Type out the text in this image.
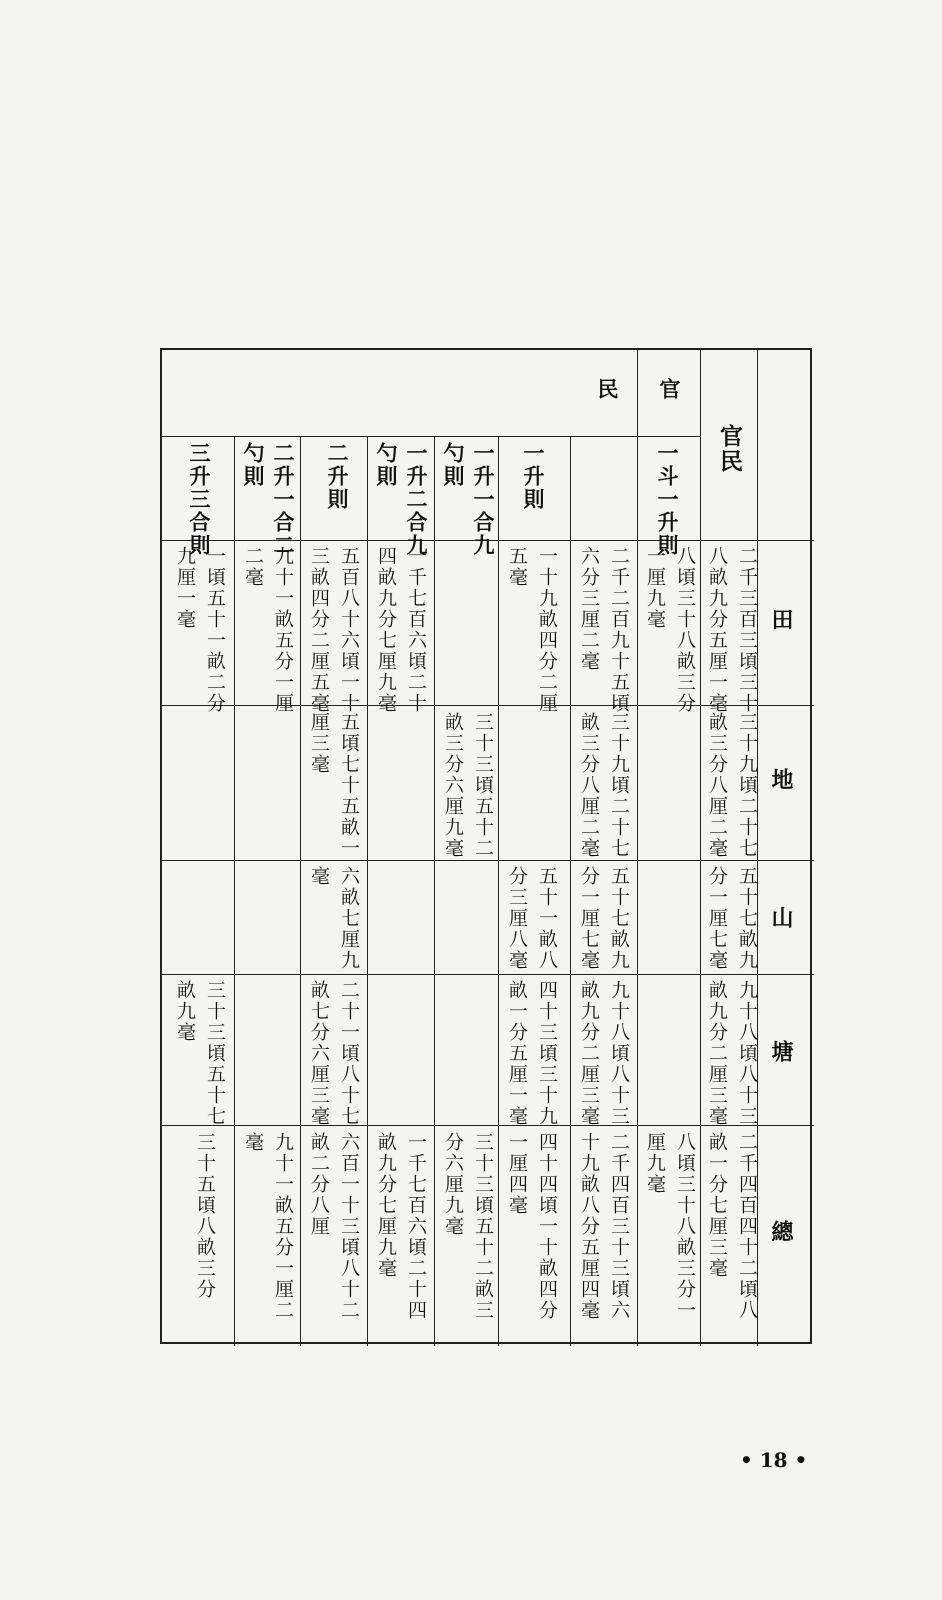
田
地
山
塘
總
官民
官
民
一斗一升則
一升則
一升一合九
勺則
一升二合九
勺則
二升則
二升一合二
勺則
三升三合則
二千三百三頃三十
八畝九分五厘一毫
三十九頃二十七
畝三分八厘二毫
五十七畝九
分一厘七毫
九十八頃八十三
畝九分二厘三毫
二千四百四十二頃八
畝一分七厘三毫
八頃三十八畝三分
一厘九毫
八頃三十八畝三分一
厘九毫
二千二百九十五頃
六分三厘二毫
三十九頃二十七
畝三分八厘二毫
五十七畝九
分一厘七毫
九十八頃八十三
畝九分二厘三毫
二千四百三十三頃六
十九畝八分五厘四毫
一十九畝四分二厘
五毫
五十一畝八
分三厘八毫
四十三頃三十九
畝一分五厘一毫
四十四頃一十畝四分
一厘四毫
三十三頃五十二
畝三分六厘九毫
三十三頃五十二畝三
分六厘九毫
一千七百六頃二十
四畝九分七厘九毫
一千七百六頃二十四
畝九分七厘九毫
五百八十六頃一十
三畝四分二厘五毫
五頃七十五畝一
厘三毫
六畝七厘九
毫
二十一頃八十七
畝七分六厘三毫
六百一十三頃八十二
畝二分八厘
九十一畝五分一厘
二毫
九十一畝五分一厘二
毫
一頃五十一畝二分
九厘一毫
三十三頃五十七
畝九毫
三十五頃八畝三分
• 18 •
